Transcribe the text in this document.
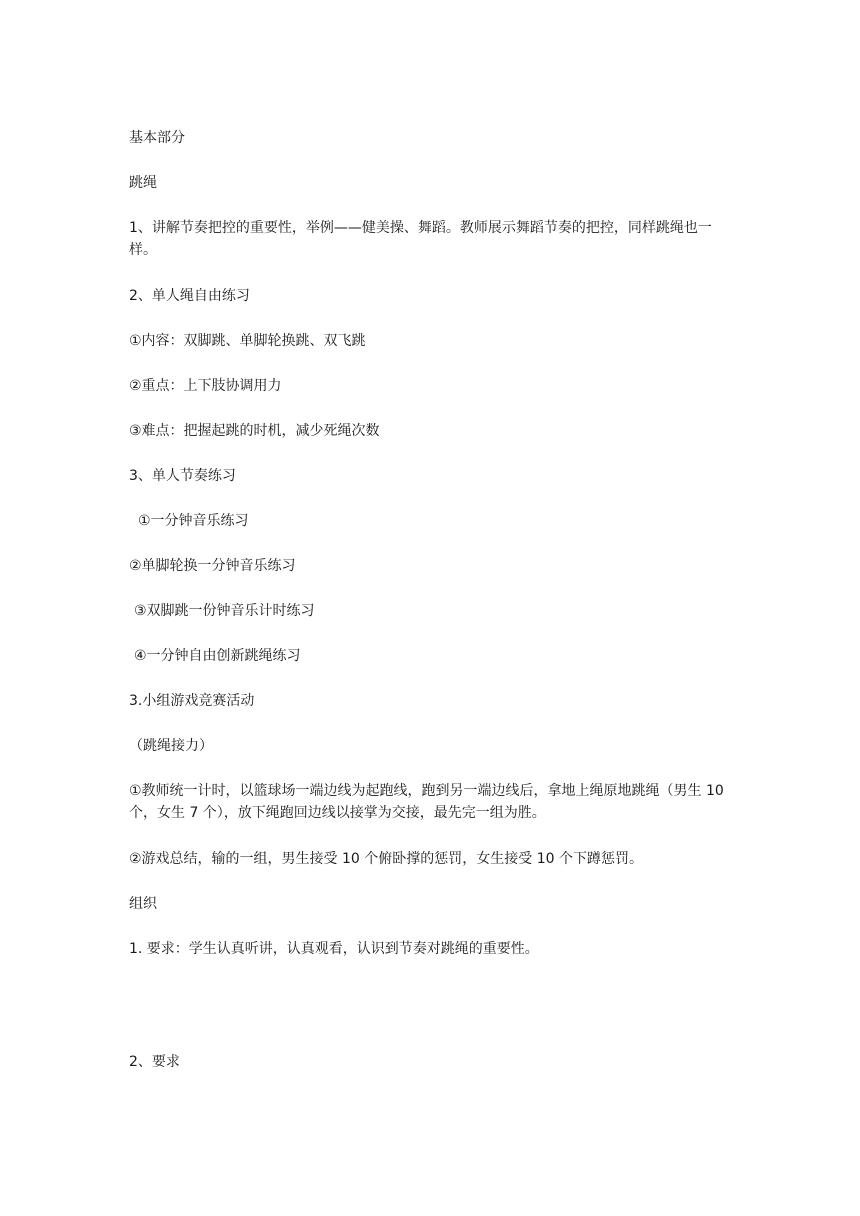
基本部分

跳绳

1、讲解节奏把控的重要性，举例——健美操、舞蹈。教师展示舞蹈节奏的把控，同样跳绳也一样。

2、单人绳自由练习

①内容：双脚跳、单脚轮换跳、双飞跳

②重点：上下肢协调用力

③难点：把握起跳的时机，减少死绳次数

3、单人节奏练习

①一分钟音乐练习

②单脚轮换一分钟音乐练习

③双脚跳一份钟音乐计时练习

④一分钟自由创新跳绳练习

3.小组游戏竞赛活动

（跳绳接力）

①教师统一计时，以篮球场一端边线为起跑线，跑到另一端边线后，拿地上绳原地跳绳（男生 10 个，女生 7 个），放下绳跑回边线以接掌为交接，最先完一组为胜。

②游戏总结，输的一组，男生接受 10 个俯卧撑的惩罚，女生接受 10 个下蹲惩罚。

组织

1. 要求：学生认真听讲，认真观看，认识到节奏对跳绳的重要性。

2、要求
